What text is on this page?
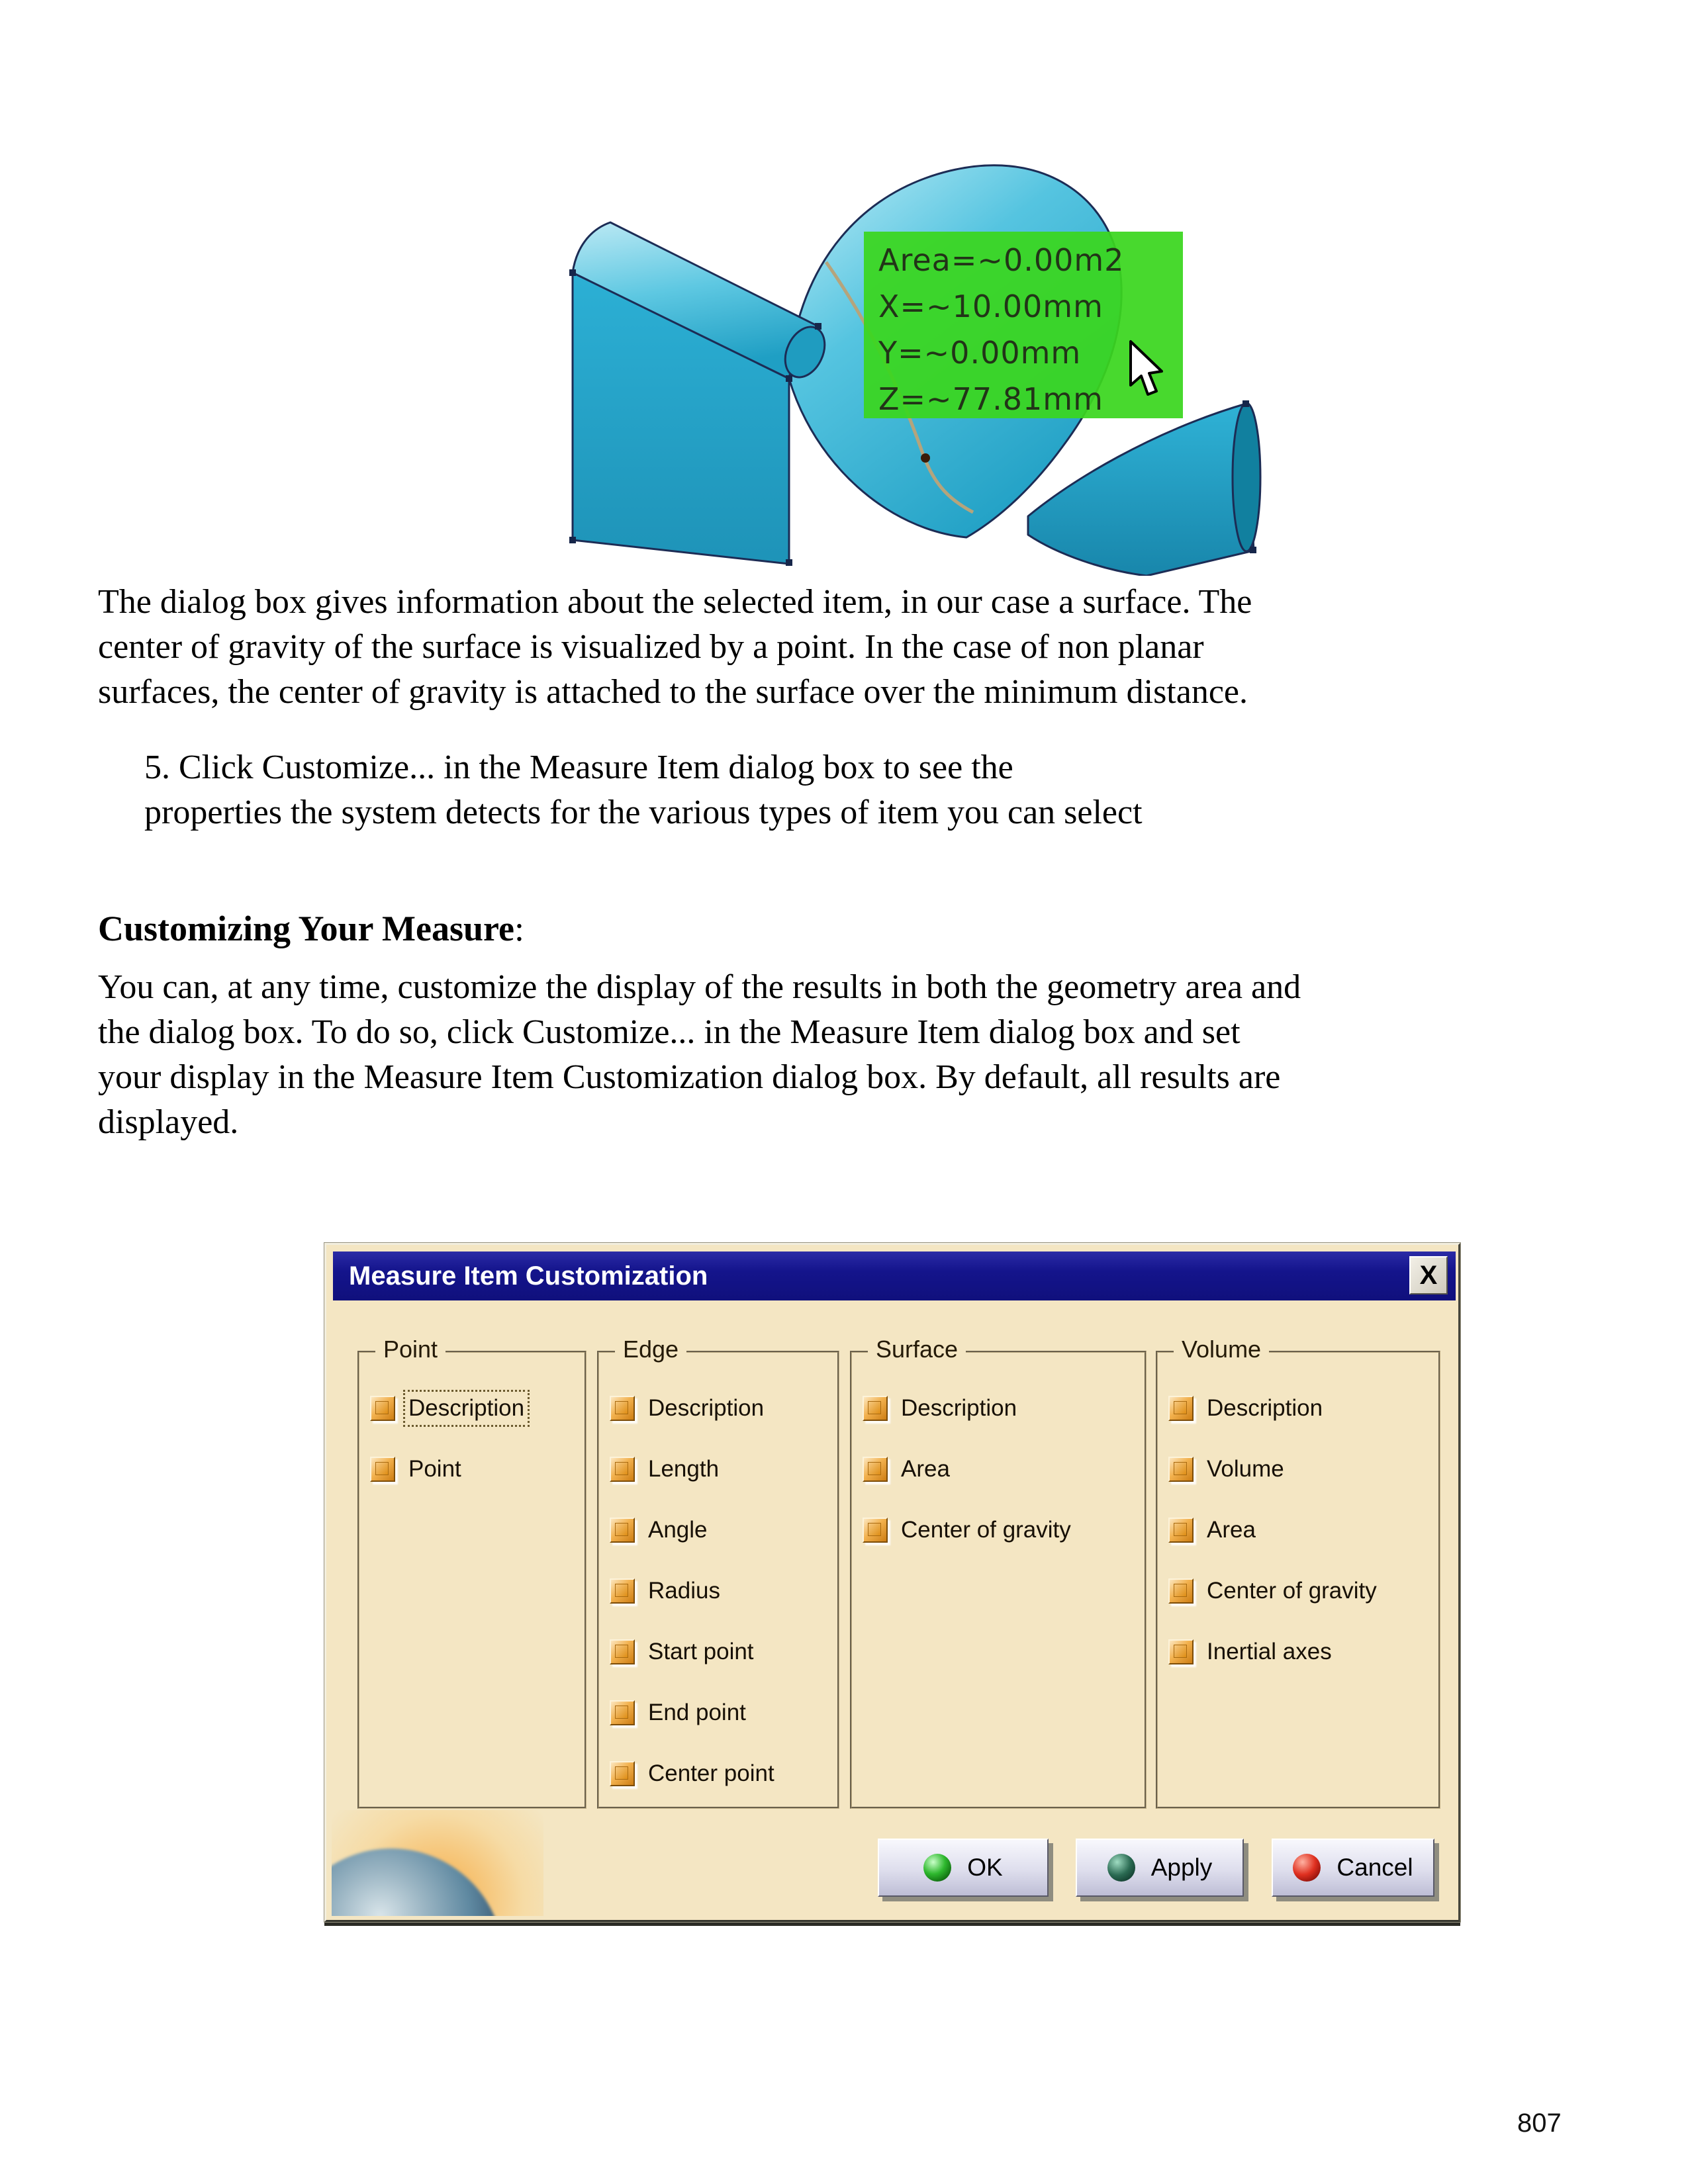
Area=~0.00m2
X=~10.00mm
Y=~0.00mm
Z=~77.81mm
The dialog box gives information about the selected item, in our case a surface. The
center of gravity of the surface is visualized by a point. In the case of non planar
surfaces, the center of gravity is attached to the surface over the minimum distance.
5. Click Customize... in the Measure Item dialog box to see the
properties the system detects for the various types of item you can select
Customizing Your Measure:
You can, at any time, customize the display of the results in both the geometry area and
the dialog box. To do so, click Customize... in the Measure Item dialog box and set
your display in the Measure Item Customization dialog box. By default, all results are
displayed.
Measure Item Customization	X
Point
Description
Point
Edge
Description
Length
Angle
Radius
Start point
End point
Center point
Surface
Description
Area
Center of gravity
Volume
Description
Volume
Area
Center of gravity
Inertial axes
OK	Apply	Cancel
807
